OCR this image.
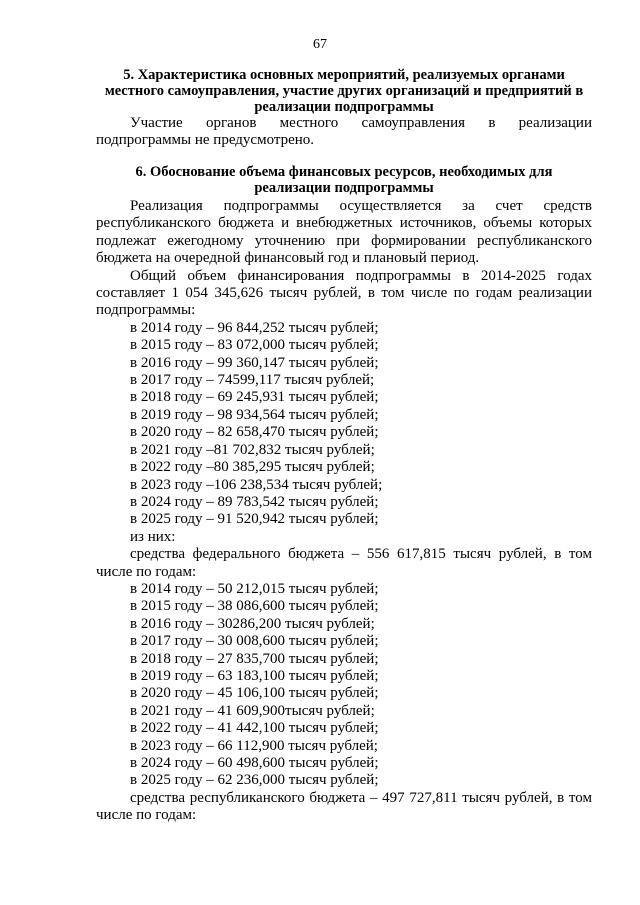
67
5. Характеристика основных мероприятий, реализуемых органами местного самоуправления, участие других организаций и предприятий в реализации подпрограммы

Участие органов местного самоуправления в реализации подпрограммы не предусмотрено.

6. Обоснование объема финансовых ресурсов, необходимых для реализации подпрограммы

Реализация подпрограммы осуществляется за счет средств республиканского бюджета и внебюджетных источников, объемы которых подлежат ежегодному уточнению при формировании республиканского бюджета на очередной финансовый год и плановый период.

Общий объем финансирования подпрограммы в 2014-2025 годах составляет 1 054 345,626 тысяч рублей, в том числе по годам реализации подпрограммы:

в 2014 году – 96 844,252 тысяч рублей;
в 2015 году – 83 072,000 тысяч рублей;
в 2016 году – 99 360,147 тысяч рублей;
в 2017 году – 74599,117 тысяч рублей;
в 2018 году – 69 245,931 тысяч рублей;
в 2019 году – 98 934,564 тысяч рублей;
в 2020 году – 82 658,470 тысяч рублей;
в 2021 году –81 702,832 тысяч рублей;
в 2022 году –80 385,295 тысяч рублей;
в 2023 году –106 238,534 тысяч рублей;
в 2024 году – 89 783,542 тысяч рублей;
в 2025 году – 91 520,942 тысяч рублей;
из них:

средства федерального бюджета – 556 617,815 тысяч рублей, в том числе по годам:

в 2014 году – 50 212,015 тысяч рублей;
в 2015 году – 38 086,600 тысяч рублей;
в 2016 году – 30286,200 тысяч рублей;
в 2017 году – 30 008,600 тысяч рублей;
в 2018 году – 27 835,700 тысяч рублей;
в 2019 году – 63 183,100 тысяч рублей;
в 2020 году – 45 106,100 тысяч рублей;
в 2021 году – 41 609,900тысяч рублей;
в 2022 году – 41 442,100 тысяч рублей;
в 2023 году – 66 112,900 тысяч рублей;
в 2024 году – 60 498,600 тысяч рублей;
в 2025 году – 62 236,000 тысяч рублей;

средства республиканского бюджета – 497 727,811 тысяч рублей, в том числе по годам:
